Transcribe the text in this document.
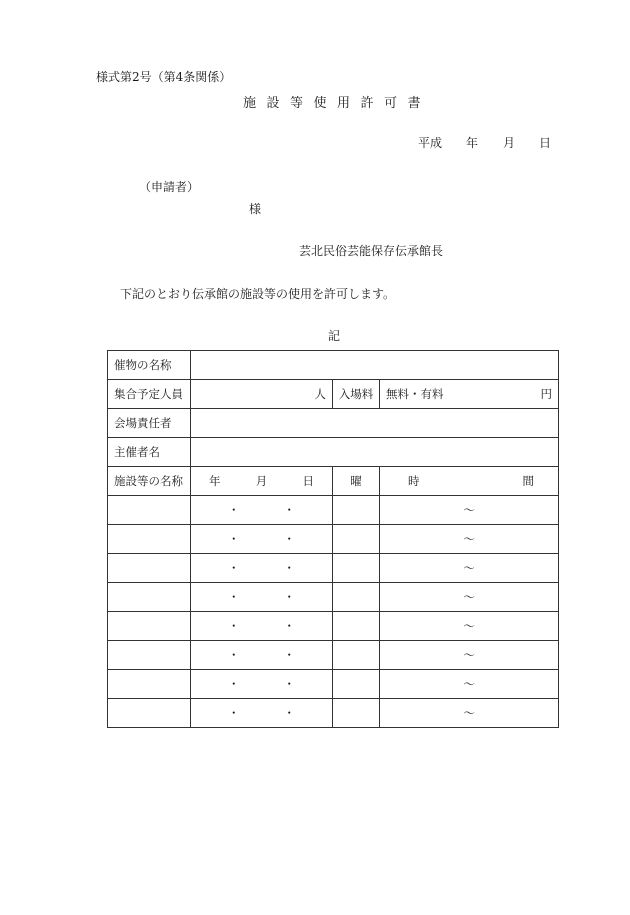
様式第2号（第4条関係）
施設等使用許可書
平成 年 月 日
（申請者）
様
芸北民俗芸能保存伝承館長
下記のとおり伝承館の施設等の使用を許可します。
記
催物の名称			
集合予定人員	人	入場料	無料・有料 円

会場責任者			
主催者名			
施設等の名称	年 月 日	曜	時 間

	・ ・		～

	・ ・		～

	・ ・		～

	・ ・		～

	・ ・		～

	・ ・		～

	・ ・		～

	・ ・		～
